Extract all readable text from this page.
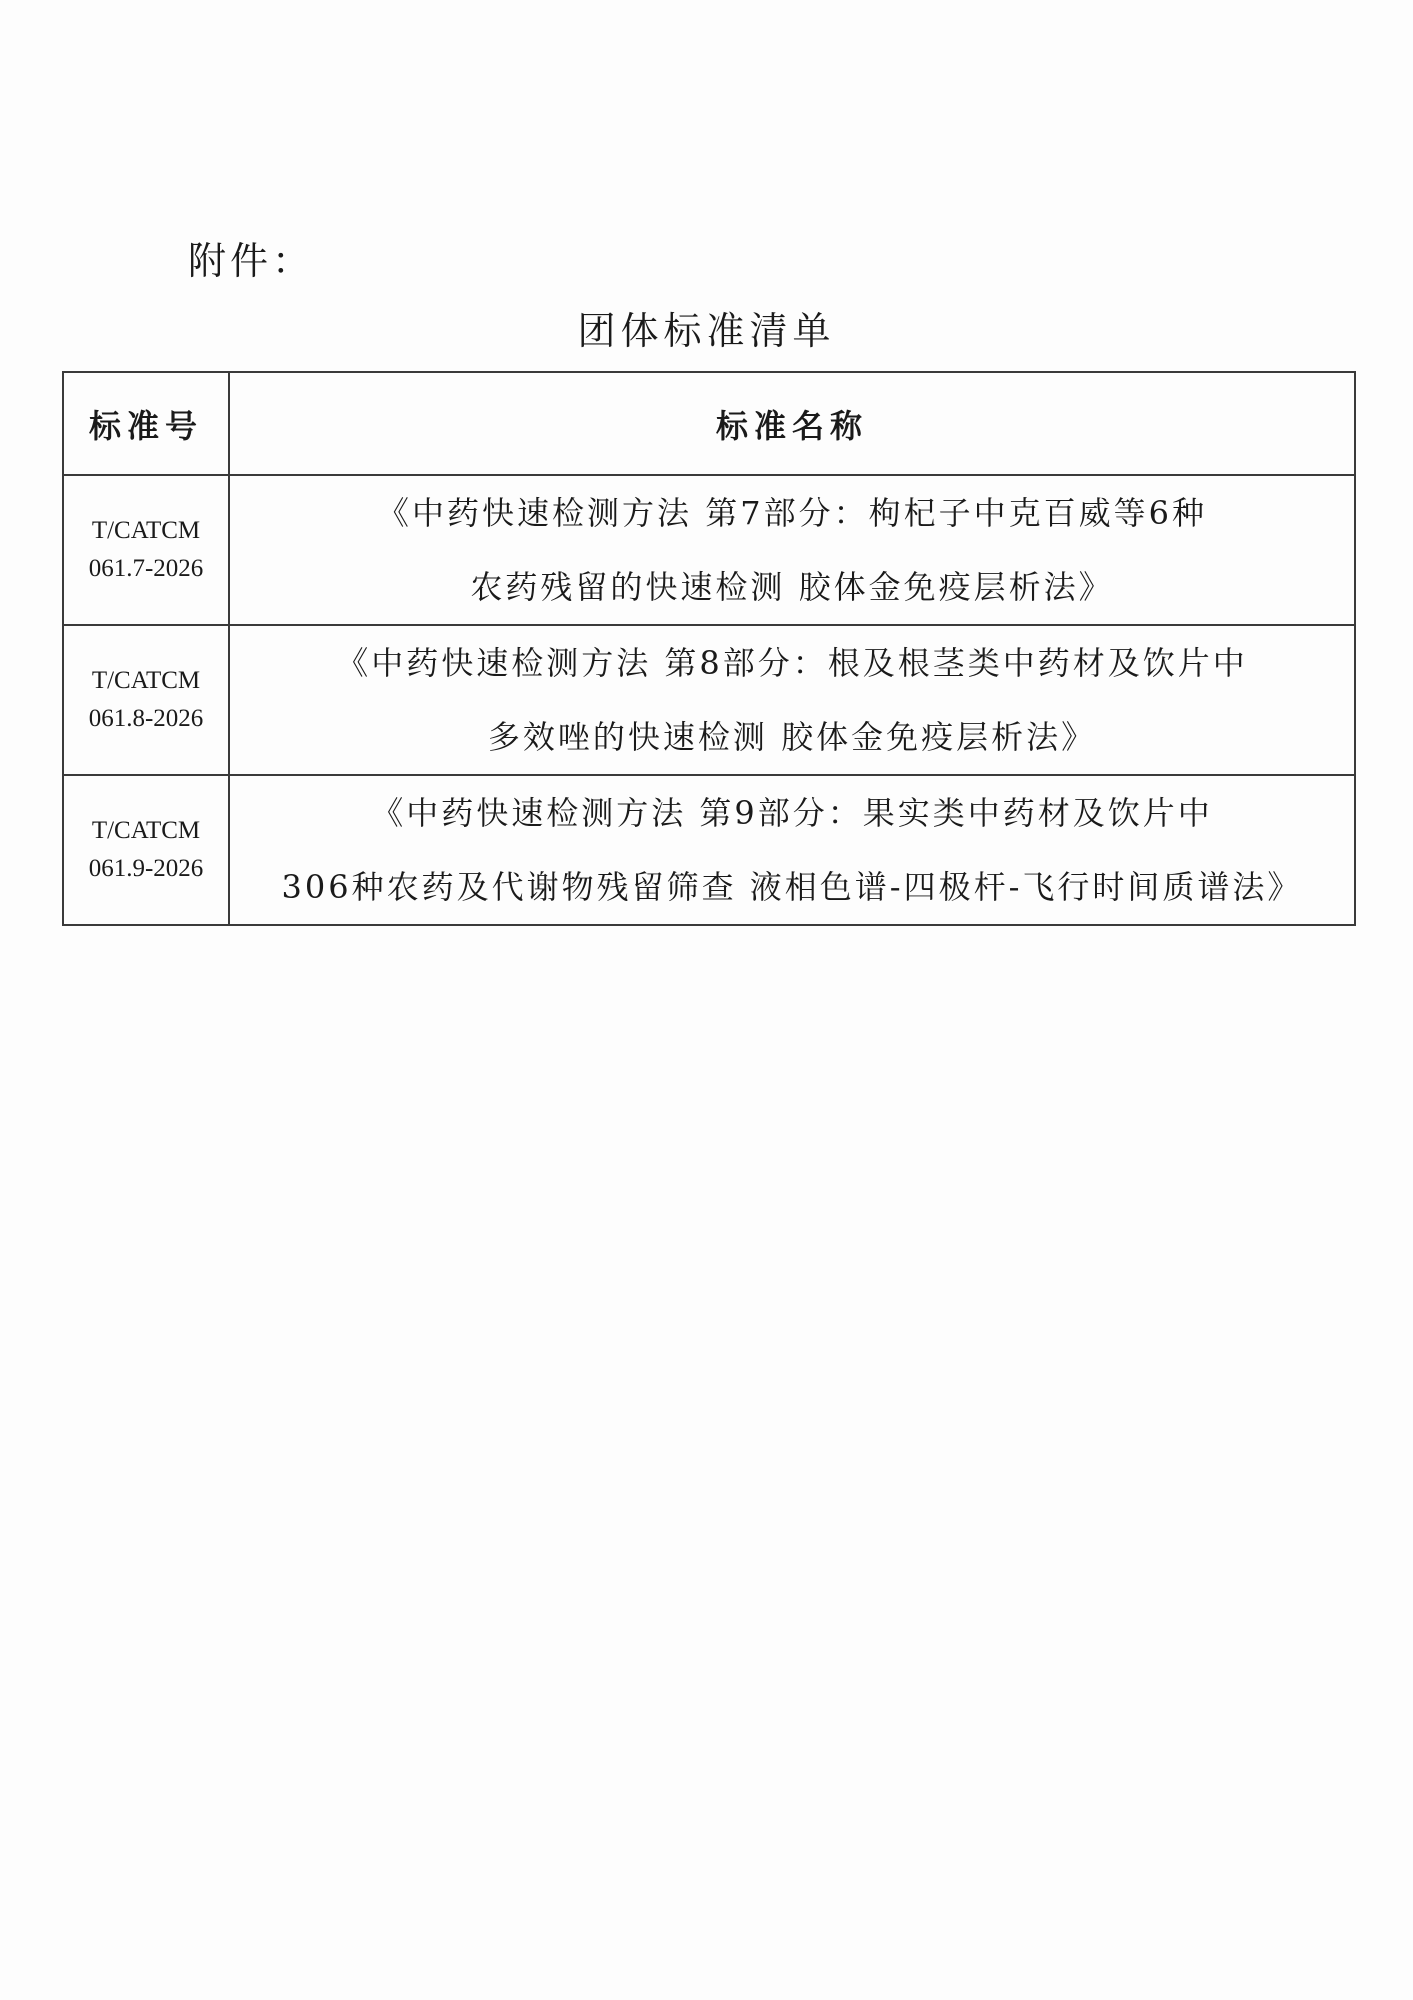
附件：
团体标准清单
标准号	标准名称

T/CATCM
061.7-2026	《中药快速检测方法 第7部分：枸杞子中克百威等6种
农药残留的快速检测 胶体金免疫层析法》

T/CATCM
061.8-2026	《中药快速检测方法 第8部分：根及根茎类中药材及饮片中
多效唑的快速检测 胶体金免疫层析法》

T/CATCM
061.9-2026	《中药快速检测方法 第9部分：果实类中药材及饮片中
306种农药及代谢物残留筛查 液相色谱-四极杆-飞行时间质谱法》
